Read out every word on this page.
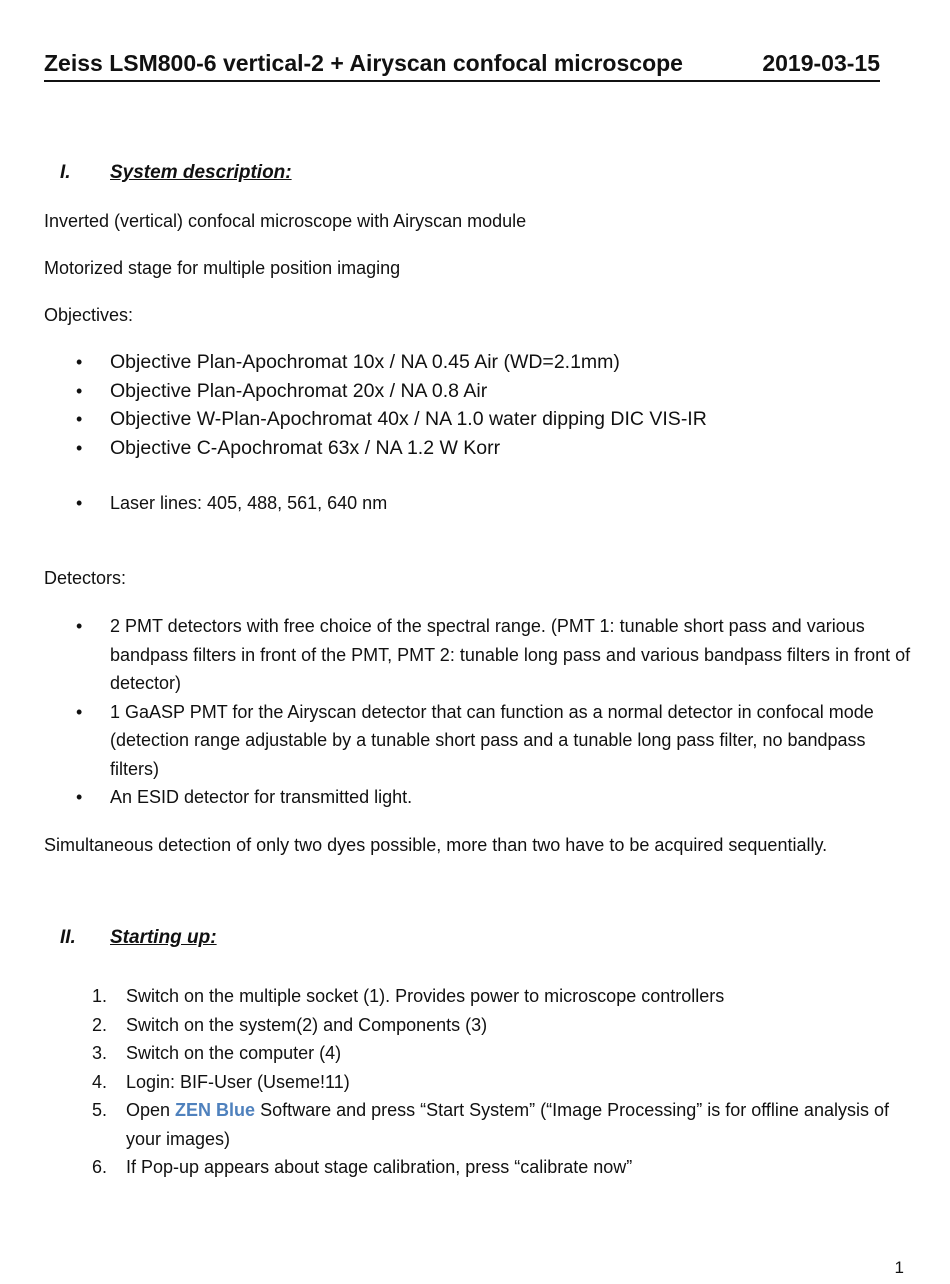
Zeiss LSM800-6 vertical-2 + Airyscan confocal microscope	2019-03-15
I. System description:
Inverted (vertical) confocal microscope with Airyscan module
Motorized stage for multiple position imaging
Objectives:
• Objective Plan-Apochromat 10x / NA 0.45 Air (WD=2.1mm)
• Objective Plan-Apochromat 20x / NA 0.8 Air
• Objective W-Plan-Apochromat 40x / NA 1.0 water dipping DIC VIS-IR
• Objective C-Apochromat 63x / NA 1.2 W Korr
• Laser lines: 405, 488, 561, 640 nm
Detectors:
• 2 PMT detectors with free choice of the spectral range. (PMT 1: tunable short pass and various bandpass filters in front of the PMT, PMT 2: tunable long pass and various bandpass filters in front of detector)
• 1 GaASP PMT for the Airyscan detector that can function as a normal detector in confocal mode (detection range adjustable by a tunable short pass and a tunable long pass filter, no bandpass filters)
• An ESID detector for transmitted light.
Simultaneous detection of only two dyes possible, more than two have to be acquired sequentially.
II. Starting up:
1. Switch on the multiple socket (1). Provides power to microscope controllers
2. Switch on the system(2) and Components (3)
3. Switch on the computer (4)
4. Login: BIF-User (Useme!11)
5. Open ZEN Blue Software and press “Start System” (“Image Processing” is for offline analysis of your images)
6. If Pop-up appears about stage calibration, press “calibrate now”
1
